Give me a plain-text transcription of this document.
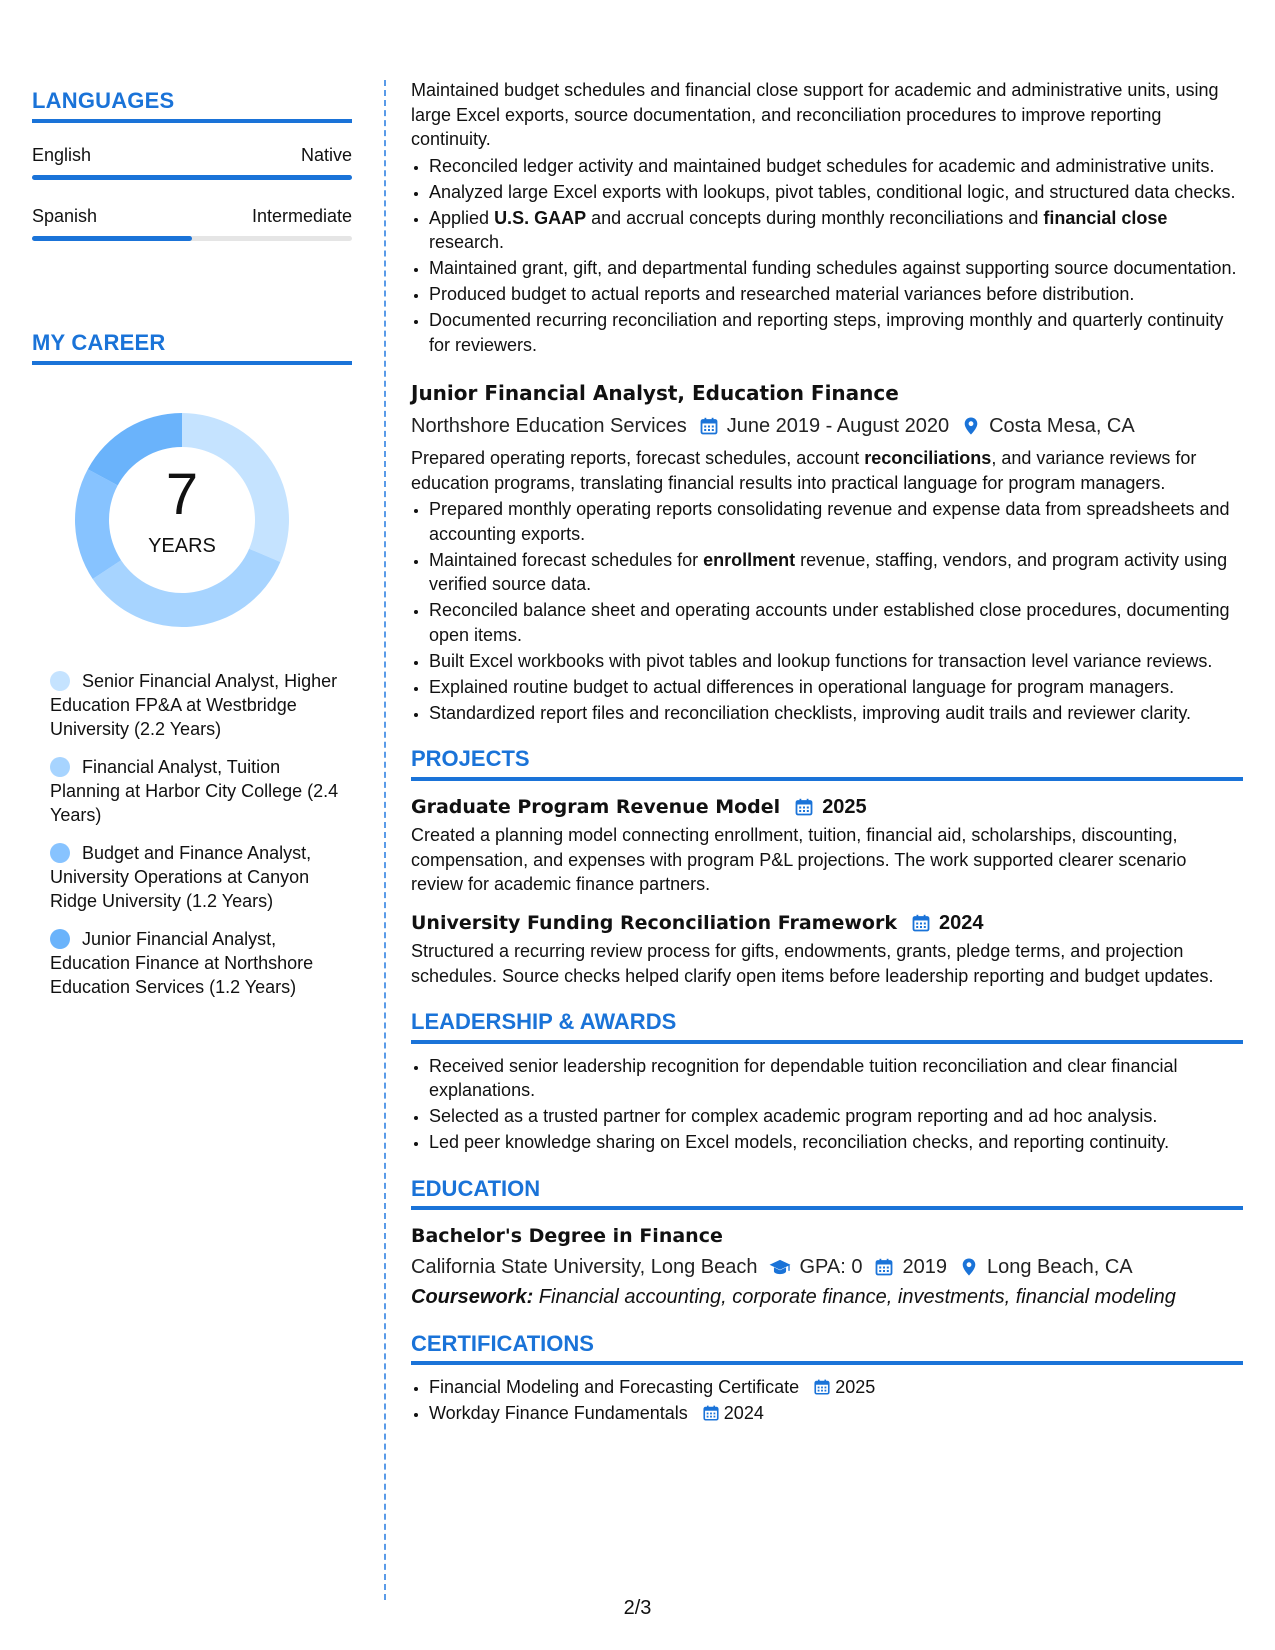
LANGUAGES
English	Native
Spanish	Intermediate
MY CAREER
7
YEARS
Senior Financial Analyst, Higher Education FP&A at Westbridge University (2.2 Years)
Financial Analyst, Tuition Planning at Harbor City College (2.4 Years)
Budget and Finance Analyst, University Operations at Canyon Ridge University (1.2 Years)
Junior Financial Analyst, Education Finance at Northshore Education Services (1.2 Years)

Maintained budget schedules and financial close support for academic and administrative units, using large Excel exports, source documentation, and reconciliation procedures to improve reporting continuity.

• Reconciled ledger activity and maintained budget schedules for academic and administrative units.
• Analyzed large Excel exports with lookups, pivot tables, conditional logic, and structured data checks.
• Applied U.S. GAAP and accrual concepts during monthly reconciliations and financial close research.
• Maintained grant, gift, and departmental funding schedules against supporting source documentation.
• Produced budget to actual reports and researched material variances before distribution.
• Documented recurring reconciliation and reporting steps, improving monthly and quarterly continuity for reviewers.
Junior Financial Analyst, Education Finance
Northshore Education Services June 2019 - August 2020 Costa Mesa, CA

Prepared operating reports, forecast schedules, account reconciliations, and variance reviews for education programs, translating financial results into practical language for program managers.

• Prepared monthly operating reports consolidating revenue and expense data from spreadsheets and accounting exports.
• Maintained forecast schedules for enrollment revenue, staffing, vendors, and program activity using verified source data.
• Reconciled balance sheet and operating accounts under established close procedures, documenting open items.
• Built Excel workbooks with pivot tables and lookup functions for transaction level variance reviews.
• Explained routine budget to actual differences in operational language for program managers.
• Standardized report files and reconciliation checklists, improving audit trails and reviewer clarity.
PROJECTS
Graduate Program Revenue Model 2025

Created a planning model connecting enrollment, tuition, financial aid, scholarships, discounting, compensation, and expenses with program P&L projections. The work supported clearer scenario review for academic finance partners.

University Funding Reconciliation Framework 2024

Structured a recurring review process for gifts, endowments, grants, pledge terms, and projection schedules. Source checks helped clarify open items before leadership reporting and budget updates.

LEADERSHIP & AWARDS
• Received senior leadership recognition for dependable tuition reconciliation and clear financial explanations.
• Selected as a trusted partner for complex academic program reporting and ad hoc analysis.
• Led peer knowledge sharing on Excel models, reconciliation checks, and reporting continuity.
EDUCATION
Bachelor's Degree in Finance
California State University, Long Beach GPA: 0 2019 Long Beach, CA
Coursework: Financial accounting, corporate finance, investments, financial modeling
CERTIFICATIONS
• Financial Modeling and Forecasting Certificate 2025
• Workday Finance Fundamentals 2024
2/3
